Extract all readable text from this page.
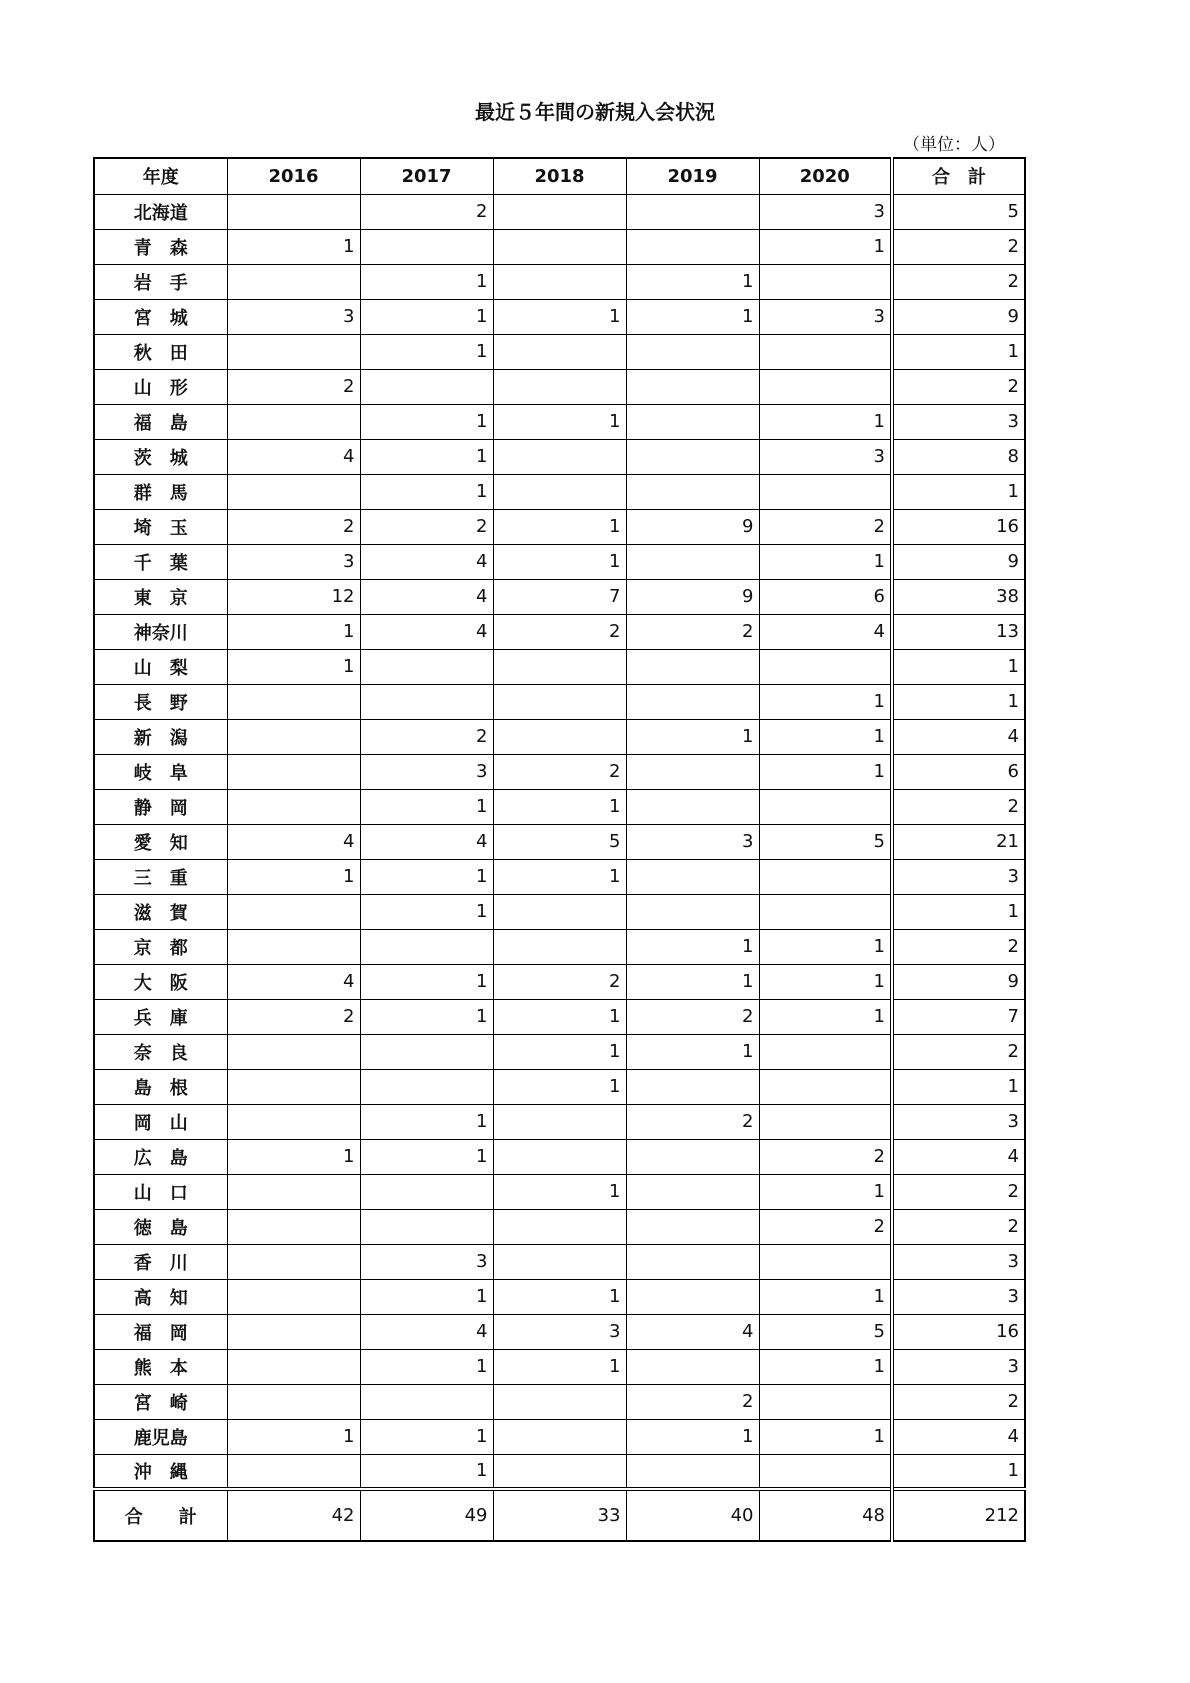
最近５年間の新規入会状況
（単位：人）
年度	2016	2017	2018	2019	2020	合　計
北海道		2			3	5
青　森	1				1	2
岩　手		1		1		2
宮　城	3	1	1	1	3	9
秋　田		1				1
山　形	2					2
福　島		1	1		1	3
茨　城	4	1			3	8
群　馬		1				1
埼　玉	2	2	1	9	2	16
千　葉	3	4	1		1	9
東　京	12	4	7	9	6	38
神奈川	1	4	2	2	4	13
山　梨	1					1
長　野					1	1
新　潟		2		1	1	4
岐　阜		3	2		1	6
静　岡		1	1			2
愛　知	4	4	5	3	5	21
三　重	1	1	1			3
滋　賀		1				1
京　都				1	1	2
大　阪	4	1	2	1	1	9
兵　庫	2	1	1	2	1	7
奈　良			1	1		2
島　根			1			1
岡　山		1		2		3
広　島	1	1			2	4
山　口			1		1	2
徳　島					2	2
香　川		3				3
高　知		1	1		1	3
福　岡		4	3	4	5	16
熊　本		1	1		1	3
宮　崎				2		2
鹿児島	1	1		1	1	4
沖　縄		1				1
合　　計	42	49	33	40	48	212
